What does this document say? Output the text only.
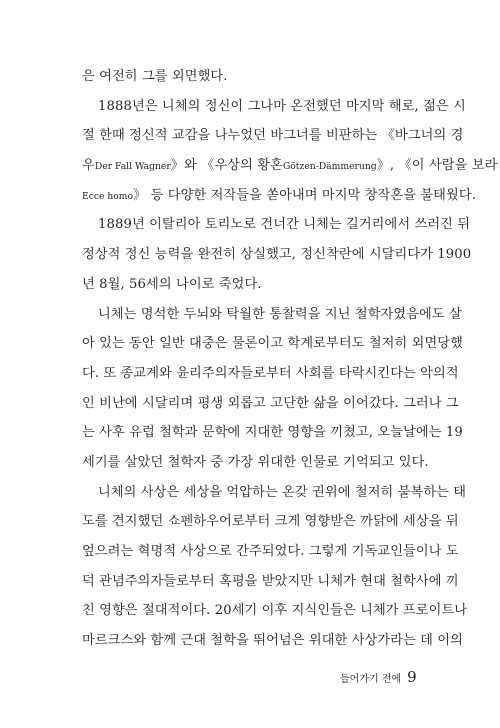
은 여전히 그를 외면했다.
1888년은 니체의 정신이 그나마 온전했던 마지막 해로, 젊은 시
절 한때 정신적 교감을 나누었던 바그너를 비판하는 《바그너의 경
우Der Fall Wagner》와 《우상의 황혼Götzen-Dämmerung》, 《이 사람을 보라
Ecce homo》 등 다양한 저작들을 쏟아내며 마지막 창작혼을 불태웠다.
1889년 이탈리아 토리노로 건너간 니체는 길거리에서 쓰러진 뒤
정상적 정신 능력을 완전히 상실했고, 정신착란에 시달리다가 1900
년 8월, 56세의 나이로 죽었다.
니체는 명석한 두뇌와 탁월한 통찰력을 지닌 철학자였음에도 살
아 있는 동안 일반 대중은 물론이고 학계로부터도 철저히 외면당했
다. 또 종교계와 윤리주의자들로부터 사회를 타락시킨다는 악의적
인 비난에 시달리며 평생 외롭고 고단한 삶을 이어갔다. 그러나 그
는 사후 유럽 철학과 문학에 지대한 영향을 끼쳤고, 오늘날에는 19
세기를 살았던 철학자 중 가장 위대한 인물로 기억되고 있다.
니체의 사상은 세상을 억압하는 온갖 권위에 철저히 불복하는 태
도를 견지했던 쇼펜하우어로부터 크게 영향받은 까닭에 세상을 뒤
엎으려는 혁명적 사상으로 간주되었다. 그렇게 기독교인들이나 도
덕 관념주의자들로부터 혹평을 받았지만 니체가 현대 철학사에 끼
친 영향은 절대적이다. 20세기 이후 지식인들은 니체가 프로이트나
마르크스와 함께 근대 철학을 뛰어넘은 위대한 사상가라는 데 이의
들어가기 전에 9
